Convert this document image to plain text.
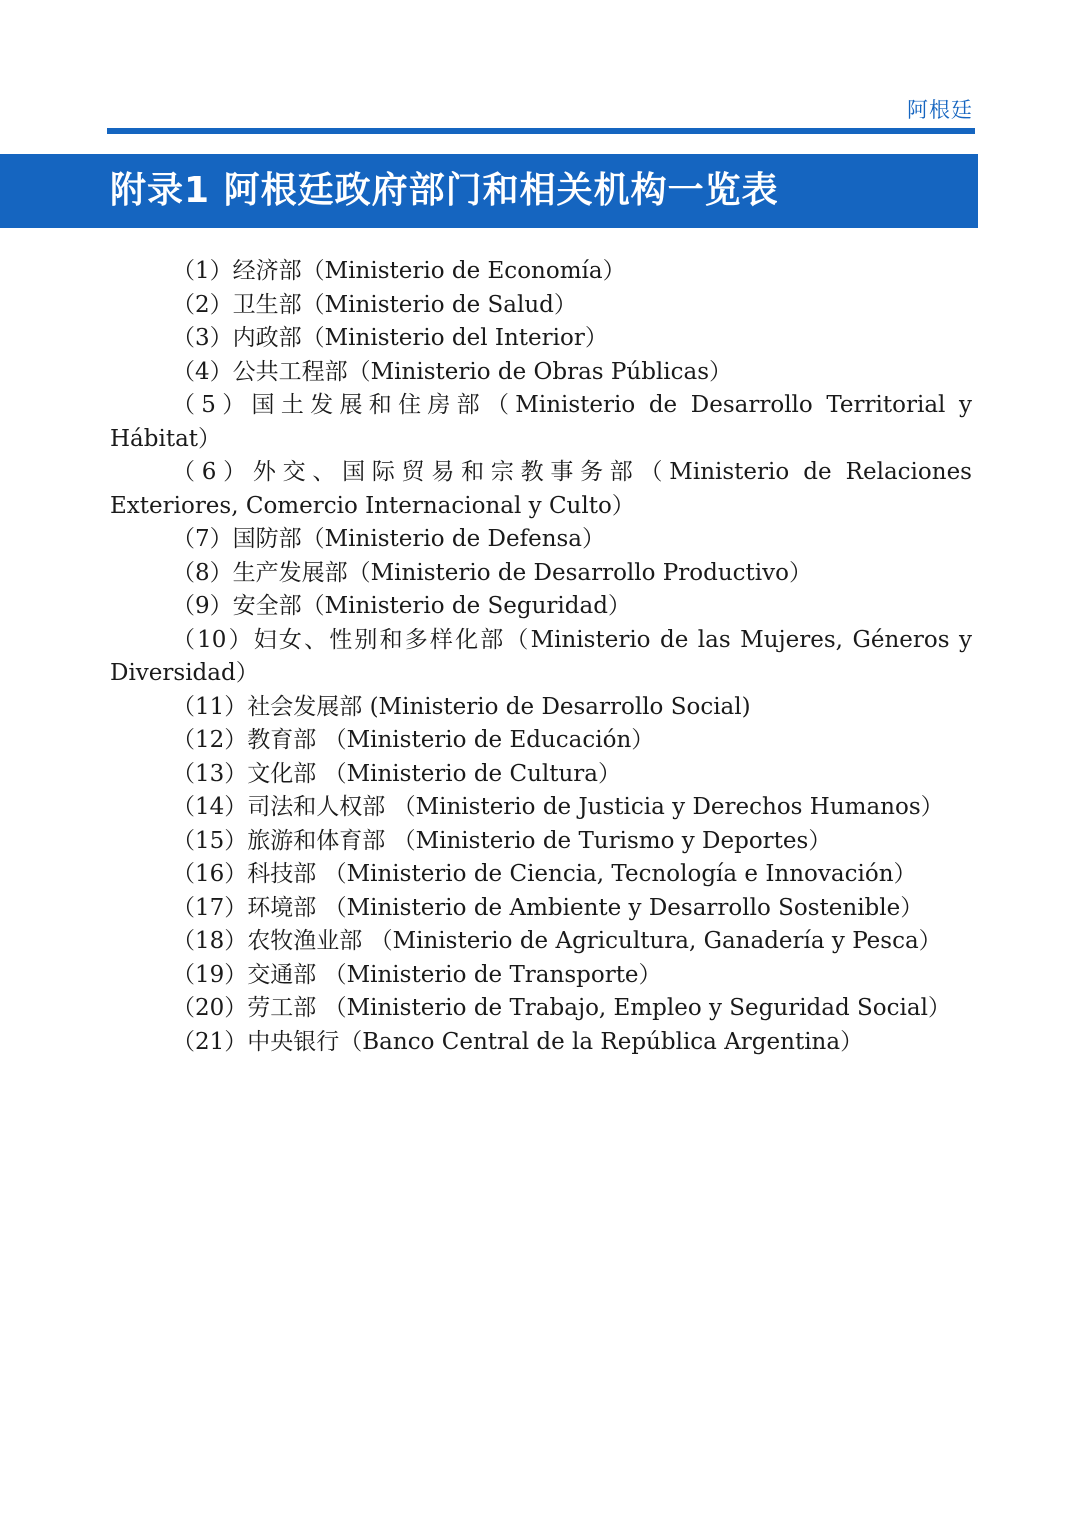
阿根廷
附录1 阿根廷政府部门和相关机构一览表
（1）经济部（Ministerio de Economía）
（2）卫生部（Ministerio de Salud）
（3）内政部（Ministerio del Interior）
（4）公共工程部（Ministerio de Obras Públicas）
（5）国土发展和住房部（Ministerio de Desarrollo Territorial y Hábitat）
（6）外交、国际贸易和宗教事务部（Ministerio de Relaciones Exteriores, Comercio Internacional y Culto）
（7）国防部（Ministerio de Defensa）
（8）生产发展部（Ministerio de Desarrollo Productivo）
（9）安全部（Ministerio de Seguridad）
（10）妇女、性别和多样化部（Ministerio de las Mujeres, Géneros y Diversidad）
（11）社会发展部 (Ministerio de Desarrollo Social)
（12）教育部 （Ministerio de Educación）
（13）文化部 （Ministerio de Cultura）
（14）司法和人权部 （Ministerio de Justicia y Derechos Humanos）
（15）旅游和体育部 （Ministerio de Turismo y Deportes）
（16）科技部 （Ministerio de Ciencia, Tecnología e Innovación）
（17）环境部 （Ministerio de Ambiente y Desarrollo Sostenible）
（18）农牧渔业部 （Ministerio de Agricultura, Ganadería y Pesca）
（19）交通部 （Ministerio de Transporte）
（20）劳工部 （Ministerio de Trabajo, Empleo y Seguridad Social）
（21）中央银行（Banco Central de la República Argentina）
